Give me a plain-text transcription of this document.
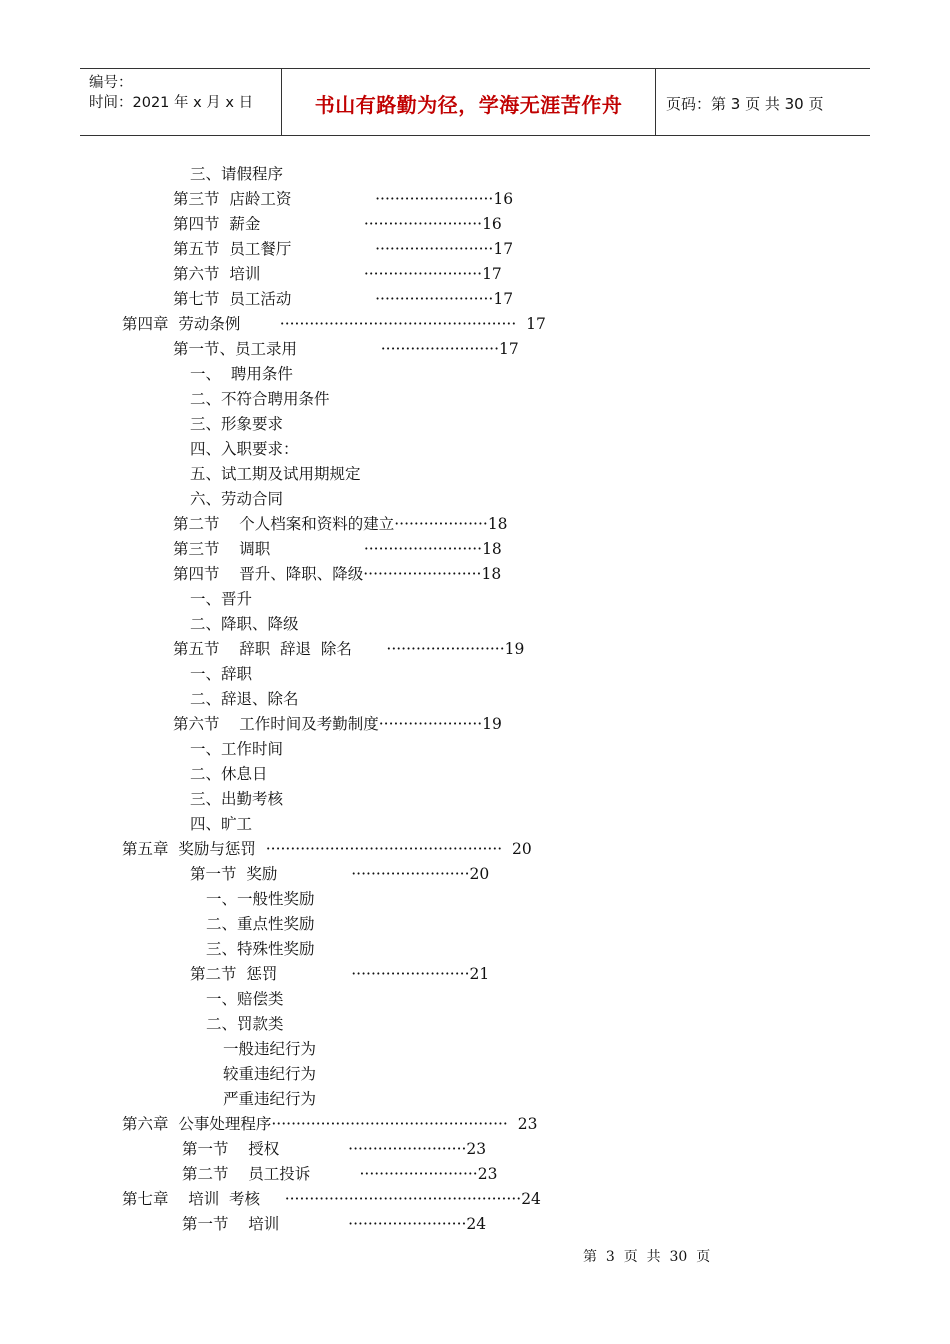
编号：
时间：2021 年 x 月 x 日	书山有路勤为径，学海无涯苦作舟	页码：第 3 页 共 30 页
三、请假程序
第三节  店龄工资                 ························16
第四节  薪金                     ························16
第五节  员工餐厅                 ························17
第六节  培训                     ························17
第七节  员工活动                 ························17
第四章  劳动条例        ················································  17
第一节、员工录用                 ························17
一、  聘用条件
二、不符合聘用条件
三、形象要求
四、入职要求：
五、试工期及试用期规定
六、劳动合同
第二节    个人档案和资料的建立···················18
第三节    调职                   ························18
第四节    晋升、降职、降级························18
一、晋升
二、降职、降级
第五节    辞职  辞退  除名       ························19
一、辞职
二、辞退、除名
第六节    工作时间及考勤制度·····················19
一、工作时间
二、休息日
三、出勤考核
四、旷工
第五章  奖励与惩罚  ················································  20
第一节  奖励               ························20
一、一般性奖励
二、重点性奖励
三、特殊性奖励
第二节  惩罚               ························21
一、赔偿类
二、罚款类
一般违纪行为
较重违纪行为
严重违纪行为
第六章  公事处理程序················································  23
第一节    授权              ························23
第二节    员工投诉          ························23
第七章    培训  考核     ················································24
第一节    培训              ························24
第  3  页  共  30  页
